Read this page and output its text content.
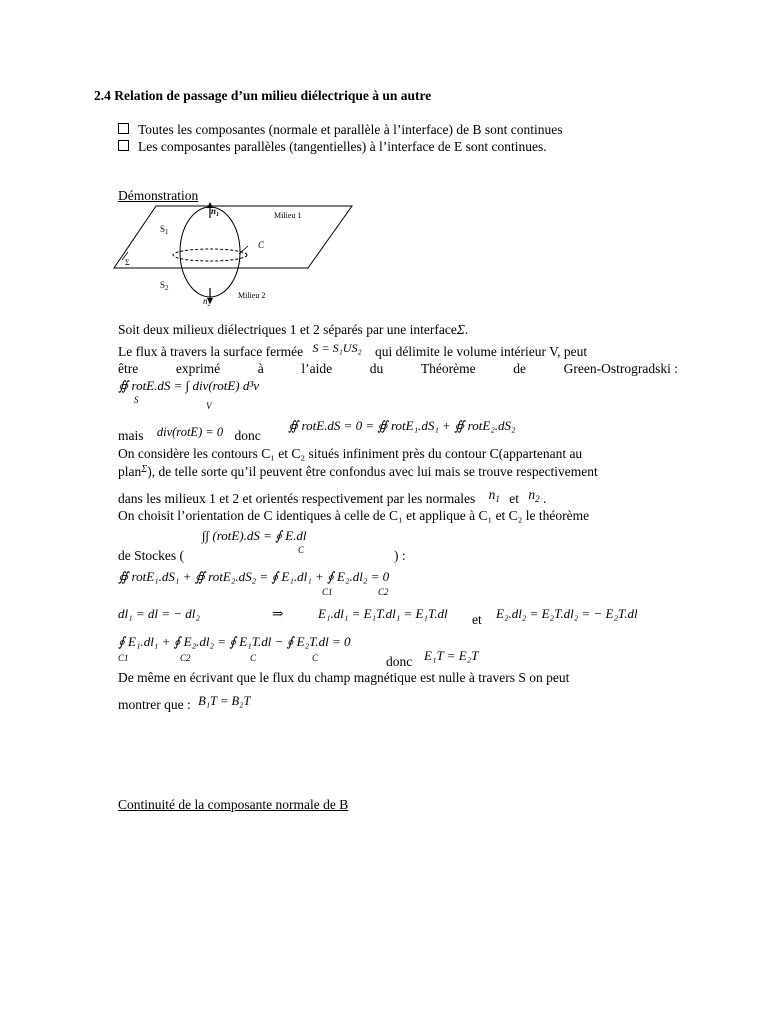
2.4 Relation de passage d’un milieu diélectrique à un autre
Toutes les composantes (normale et parallèle à l’interface) de B sont continues
Les composantes parallèles (tangentielles) à l’interface de E sont continues.
Démonstration
$S_1$
$S_2$
C
Σ
Milieu 1
Milieu 2
$n_1$
$n_2$
Soit deux milieux diélectriques 1 et 2 séparés par une interfaceΣ.
Le flux à travers la surface fermée S = S₁US₂ qui délimite le volume intérieur V, peut
être	exprimé	à	l’aide	du	Théorème	de	Green-Ostrogradski :
∯ rotE.dS = ∫ div(rotE) d³v
S
V
∯ rotE.dS = 0 = ∯ rotE₁.dS₁ + ∯ rotE₂.dS₂
mais div(rotE) = 0 donc
On considère les contours C₁ et C₂ situés infiniment près du contour C(appartenant au
plan$^\Sigma$), de telle sorte qu’il peuvent être confondus avec lui mais se trouve respectivement
dans les milieux 1 et 2 et orientés respectivement par les normales $n_1$ et $n_2$ .
On choisit l’orientation de C identiques à celle de C₁ et applique à C₁ et C₂ le théorème
∫∫ (rotE).dS = ∮ E.dl
C
de Stockes (	) :
∯ rotE₁.dS₁ + ∯ rotE₂.dS₂ = ∮ E₁.dl₁ + ∮ E₂.dl₂ = 0
C1	C2
dl₁ = dl = − dl₂	⇒	E₁.dl₁ = E₁T.dl₁ = E₁T.dl et E₂.dl₂ = E₂T.dl₂ = − E₂T.dl
∮ E₁.dl₁ + ∮ E₂.dl₂ = ∮ E₁T.dl − ∮ E₂T.dl = 0
C1	C2	C	C	donc E₁T = E₂T
De même en écrivant que le flux du champ magnétique est nulle à travers S on peut
montrer que : B₁T = B₂T
Continuité de la composante normale de B
